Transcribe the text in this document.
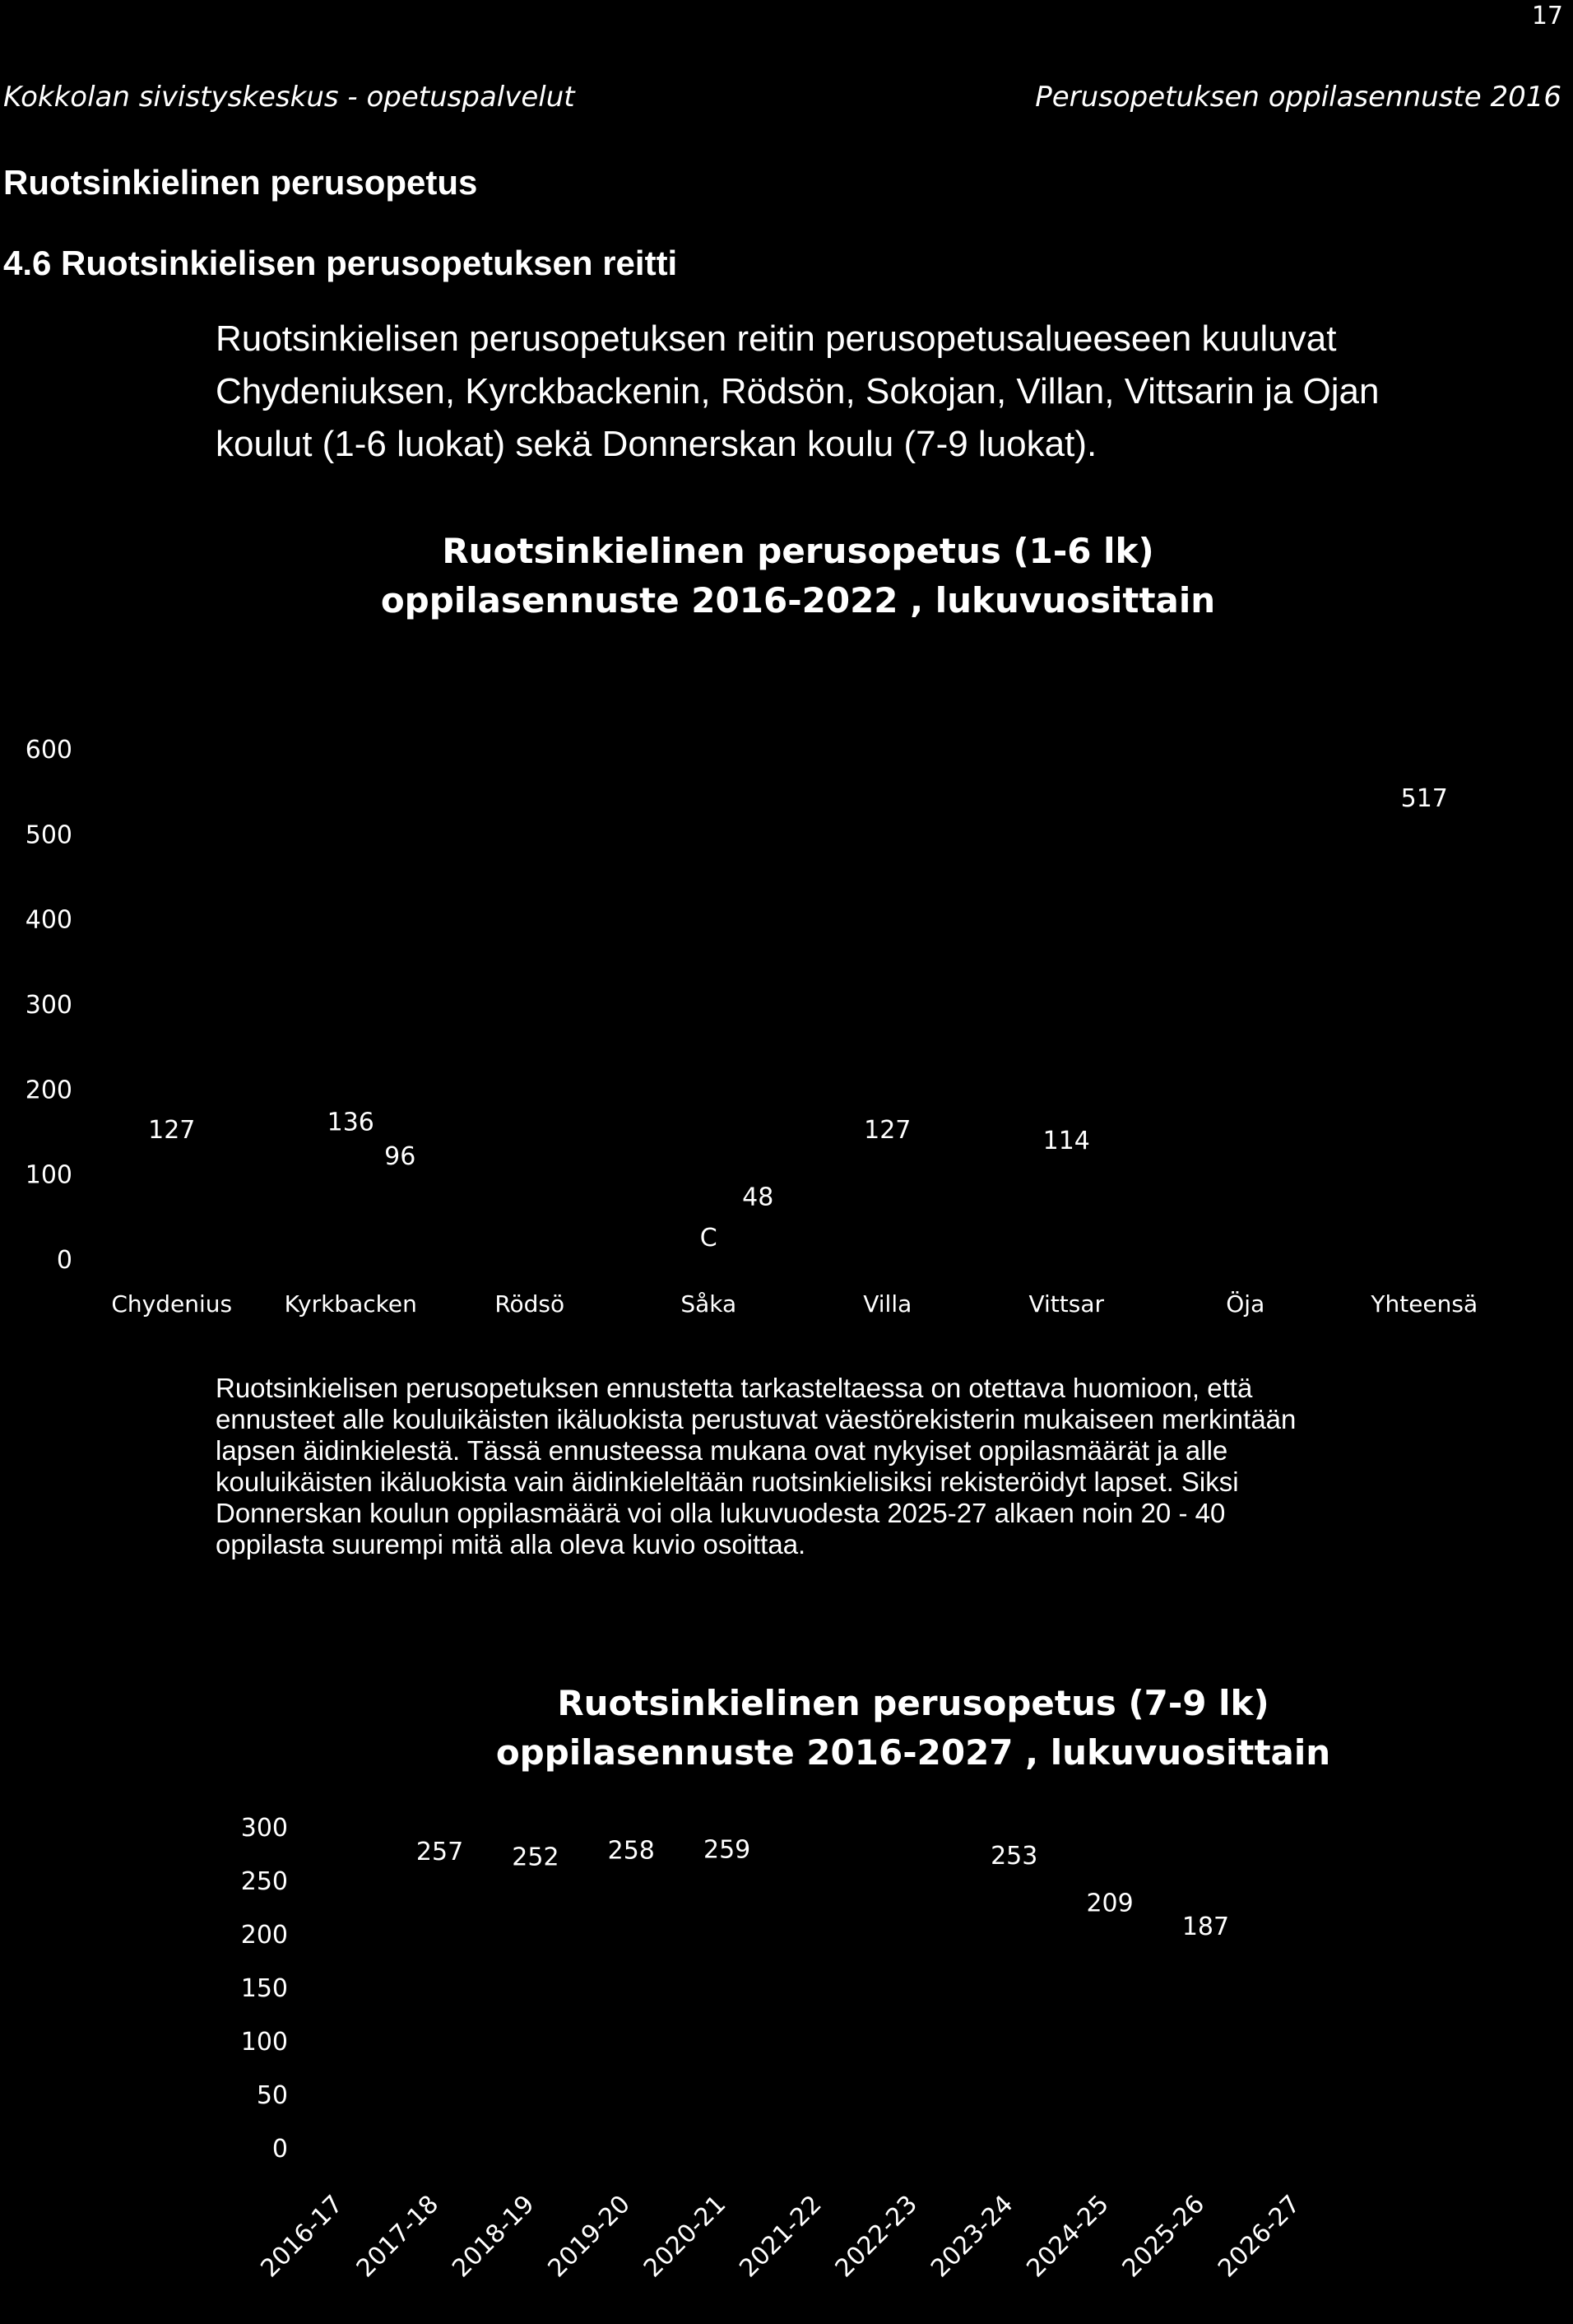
17
Kokkolan sivistyskeskus - opetuspalvelut	Perusopetuksen oppilasennuste 2016
Ruotsinkielinen perusopetus
4.6 Ruotsinkielisen perusopetuksen reitti
Ruotsinkielisen perusopetuksen reitin perusopetusalueeseen kuuluvat
Chydeniuksen, Kyrckbackenin, Rödsön, Sokojan, Villan, Vittsarin ja Ojan
koulut (1-6 luokat) sekä Donnerskan koulu (7-9 luokat).
Ruotsinkielinen perusopetus (1-6 lk)
oppilasennuste 2016-2022 , lukuvuosittain
0
100
200
300
400
500
600
Chydenius Kyrkbacken	Rödsö	Såka	Villa	Vittsar	Öja	Yhteensä
127	136
96
C
48
127	114
517
Ruotsinkielisen perusopetuksen ennustetta tarkasteltaessa on otettava huomioon, että
ennusteet alle kouluikäisten ikäluokista perustuvat väestörekisterin mukaiseen merkintään
lapsen äidinkielestä. Tässä ennusteessa mukana ovat nykyiset oppilasmäärät ja alle
kouluikäisten ikäluokista vain äidinkieleltään ruotsinkielisiksi rekisteröidyt lapset. Siksi
Donnerskan koulun oppilasmäärä voi olla lukuvuodesta 2025-27 alkaen noin 20 - 40
oppilasta suurempi mitä alla oleva kuvio osoittaa.
Ruotsinkielinen perusopetus (7-9 lk)
oppilasennuste 2016-2027 , lukuvuosittain
0
50
100
150
200
250
300
2016-17 2017-18 2018-19 2019-20 2020-21 2021-22 2022-23 2023-24 2024-25 2025-26 2026-27
257 252 258 259	253
209
187
